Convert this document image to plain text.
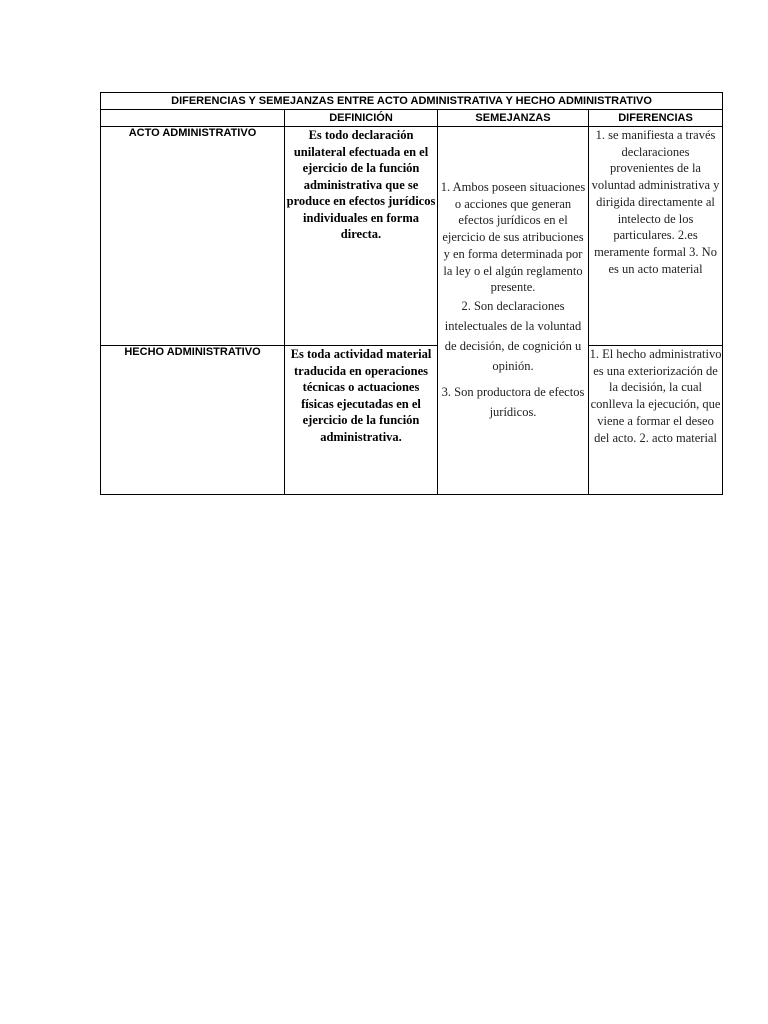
DIFERENCIAS Y SEMEJANZAS ENTRE ACTO ADMINISTRATIVA Y HECHO ADMINISTRATIVO			
	DEFINICIÓN	SEMEJANZAS	DIFERENCIAS
ACTO ADMINISTRATIVO	Es todo declaración unilateral efectuada en el ejercicio de la función administrativa que se produce en efectos jurídicos individuales en forma directa.	1. Ambos poseen situaciones o acciones que generan efectos jurídicos en el ejercicio de sus atribuciones y en forma determinada por la ley o el algún reglamento presente.
2. Son declaraciones intelectuales de la voluntad de decisión, de cognición u opinión.
3. Son productora de efectos jurídicos.	1. se manifiesta a través declaraciones provenientes de la voluntad administrativa y dirigida directamente al intelecto de los particulares. 2.es meramente formal 3. No es un acto material
HECHO ADMINISTRATIVO	Es toda actividad material traducida en operaciones técnicas o actuaciones físicas ejecutadas en el ejercicio de la función administrativa.		1. El hecho administrativo es una exteriorización de la decisión, la cual conlleva la ejecución, que viene a formar el deseo del acto. 2. acto material
